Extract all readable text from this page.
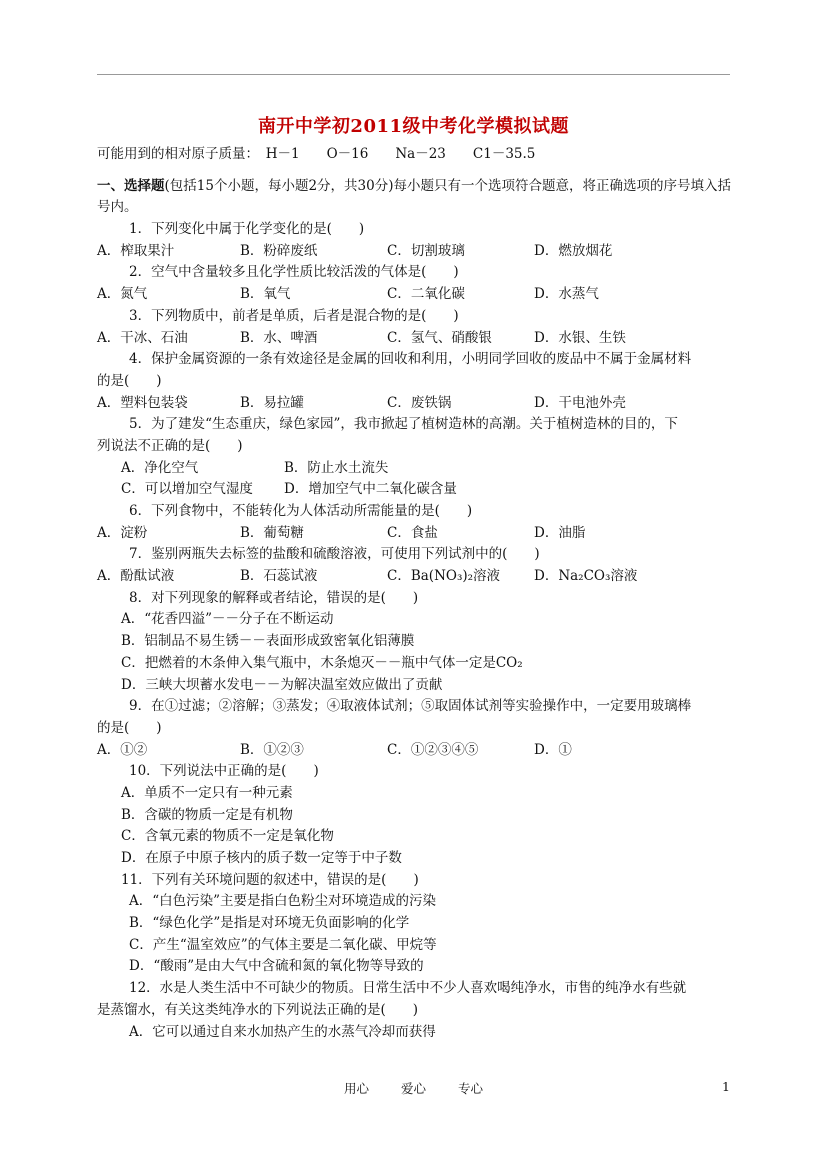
南开中学初2011级中考化学模拟试题
可能用到的相对原子质量：　H－1　　O－16　　Na－23　　C1－35.5
一、选择题(包括15个小题，每小题2分，共30分)每小题只有一个选项符合题意，将正确选项的序号填入括号内。
1．下列变化中属于化学变化的是(　　)
A．榨取果汁	B．粉碎废纸	C．切割玻璃	D．燃放烟花
2．空气中含量较多且化学性质比较活泼的气体是(　　)
A．氮气	B．氧气	C．二氧化碳	D．水蒸气
3．下列物质中，前者是单质，后者是混合物的是(　　)
A．干冰、石油	B．水、啤酒	C．氢气、硝酸银	D．水银、生铁
4．保护金属资源的一条有效途径是金属的回收和利用，小明同学回收的废品中不属于金属材料
的是(　　)
A．塑料包装袋	B．易拉罐	C．废铁锅	D．干电池外壳
5．为了建发“生态重庆，绿色家园”，我市掀起了植树造林的高潮。关于植树造林的目的，下
列说法不正确的是(　　)
A．净化空气	B．防止水土流失
C．可以增加空气湿度	D．增加空气中二氧化碳含量
6．下列食物中，不能转化为人体活动所需能量的是(　　)
A．淀粉	B．葡萄糖	C．食盐	D．油脂
7．鉴别两瓶失去标签的盐酸和硫酸溶液，可使用下列试剂中的(　　)
A．酚酞试液	B．石蕊试液	C．Ba(NO₃)₂溶液	D．Na₂CO₃溶液
8．对下列现象的解释或者结论，错误的是(　　)
A．“花香四溢”－－分子在不断运动
B．铝制品不易生锈－－表面形成致密氧化铝薄膜
C．把燃着的木条伸入集气瓶中，木条熄灭－－瓶中气体一定是CO₂
D．三峡大坝蓄水发电－－为解决温室效应做出了贡献
9．在①过滤；②溶解；③蒸发；④取液体试剂；⑤取固体试剂等实验操作中，一定要用玻璃棒
的是(　　)
A．①②	B．①②③	C．①②③④⑤	D．①
10．下列说法中正确的是(　　)
A．单质不一定只有一种元素
B．含碳的物质一定是有机物
C．含氧元素的物质不一定是氧化物
D．在原子中原子核内的质子数一定等于中子数
11．下列有关环境问题的叙述中，错误的是(　　)
A．“白色污染”主要是指白色粉尘对环境造成的污染
B．“绿色化学”是指是对环境无负面影响的化学
C．产生“温室效应”的气体主要是二氧化碳、甲烷等
D．“酸雨”是由大气中含硫和氮的氧化物等导致的
12．水是人类生活中不可缺少的物质。日常生活中不少人喜欢喝纯净水，市售的纯净水有些就
是蒸馏水，有关这类纯净水的下列说法正确的是(　　)
A．它可以通过自来水加热产生的水蒸气冷却而获得
用心	爱心	专心	1
